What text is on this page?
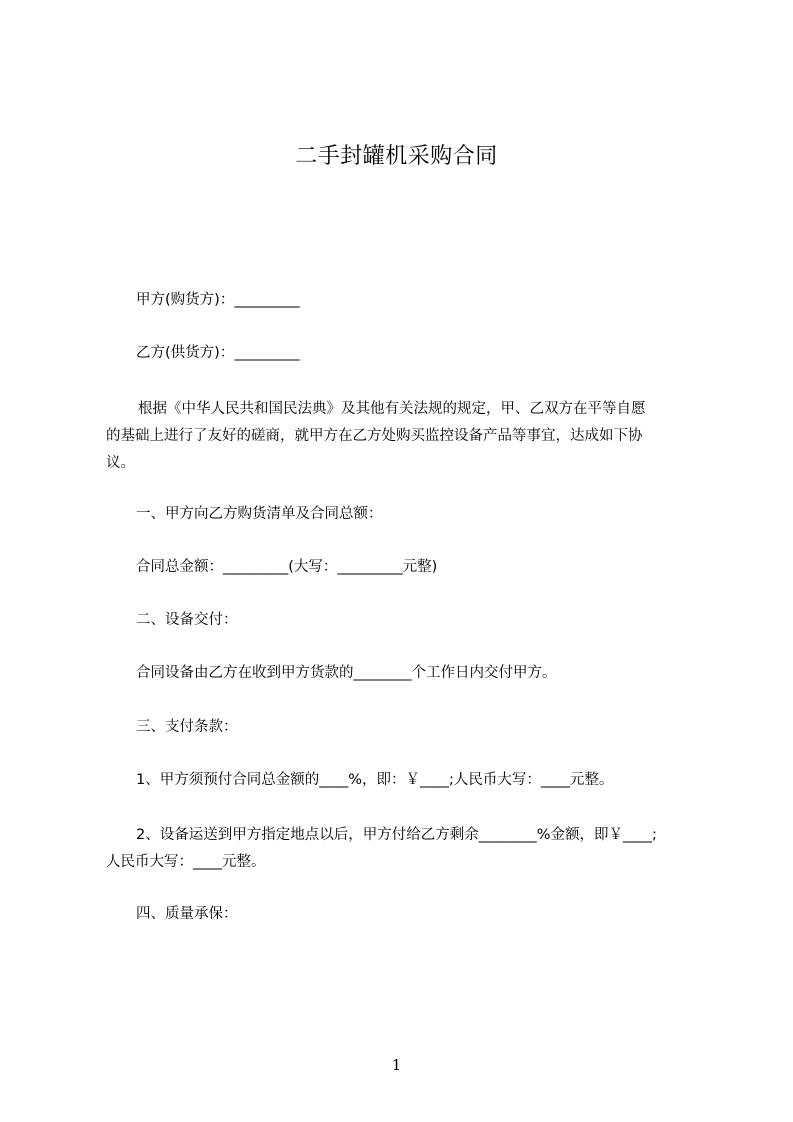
二手封罐机采购合同
甲方(购货方)：_________
乙方(供货方)：_________
根据《中华人民共和国民法典》及其他有关法规的规定，甲、乙双方在平等自愿
的基础上进行了友好的磋商，就甲方在乙方处购买监控设备产品等事宜，达成如下协
议。
一、甲方向乙方购货清单及合同总额：
合同总金额：_________(大写：_________元整)
二、设备交付：
合同设备由乙方在收到甲方货款的________个工作日内交付甲方。
三、支付条款：
1、甲方须预付合同总金额的____%，即：￥____;人民币大写：____元整。
2、设备运送到甲方指定地点以后，甲方付给乙方剩余________%金额，即￥____;
人民币大写：____元整。
四、质量承保：
1
